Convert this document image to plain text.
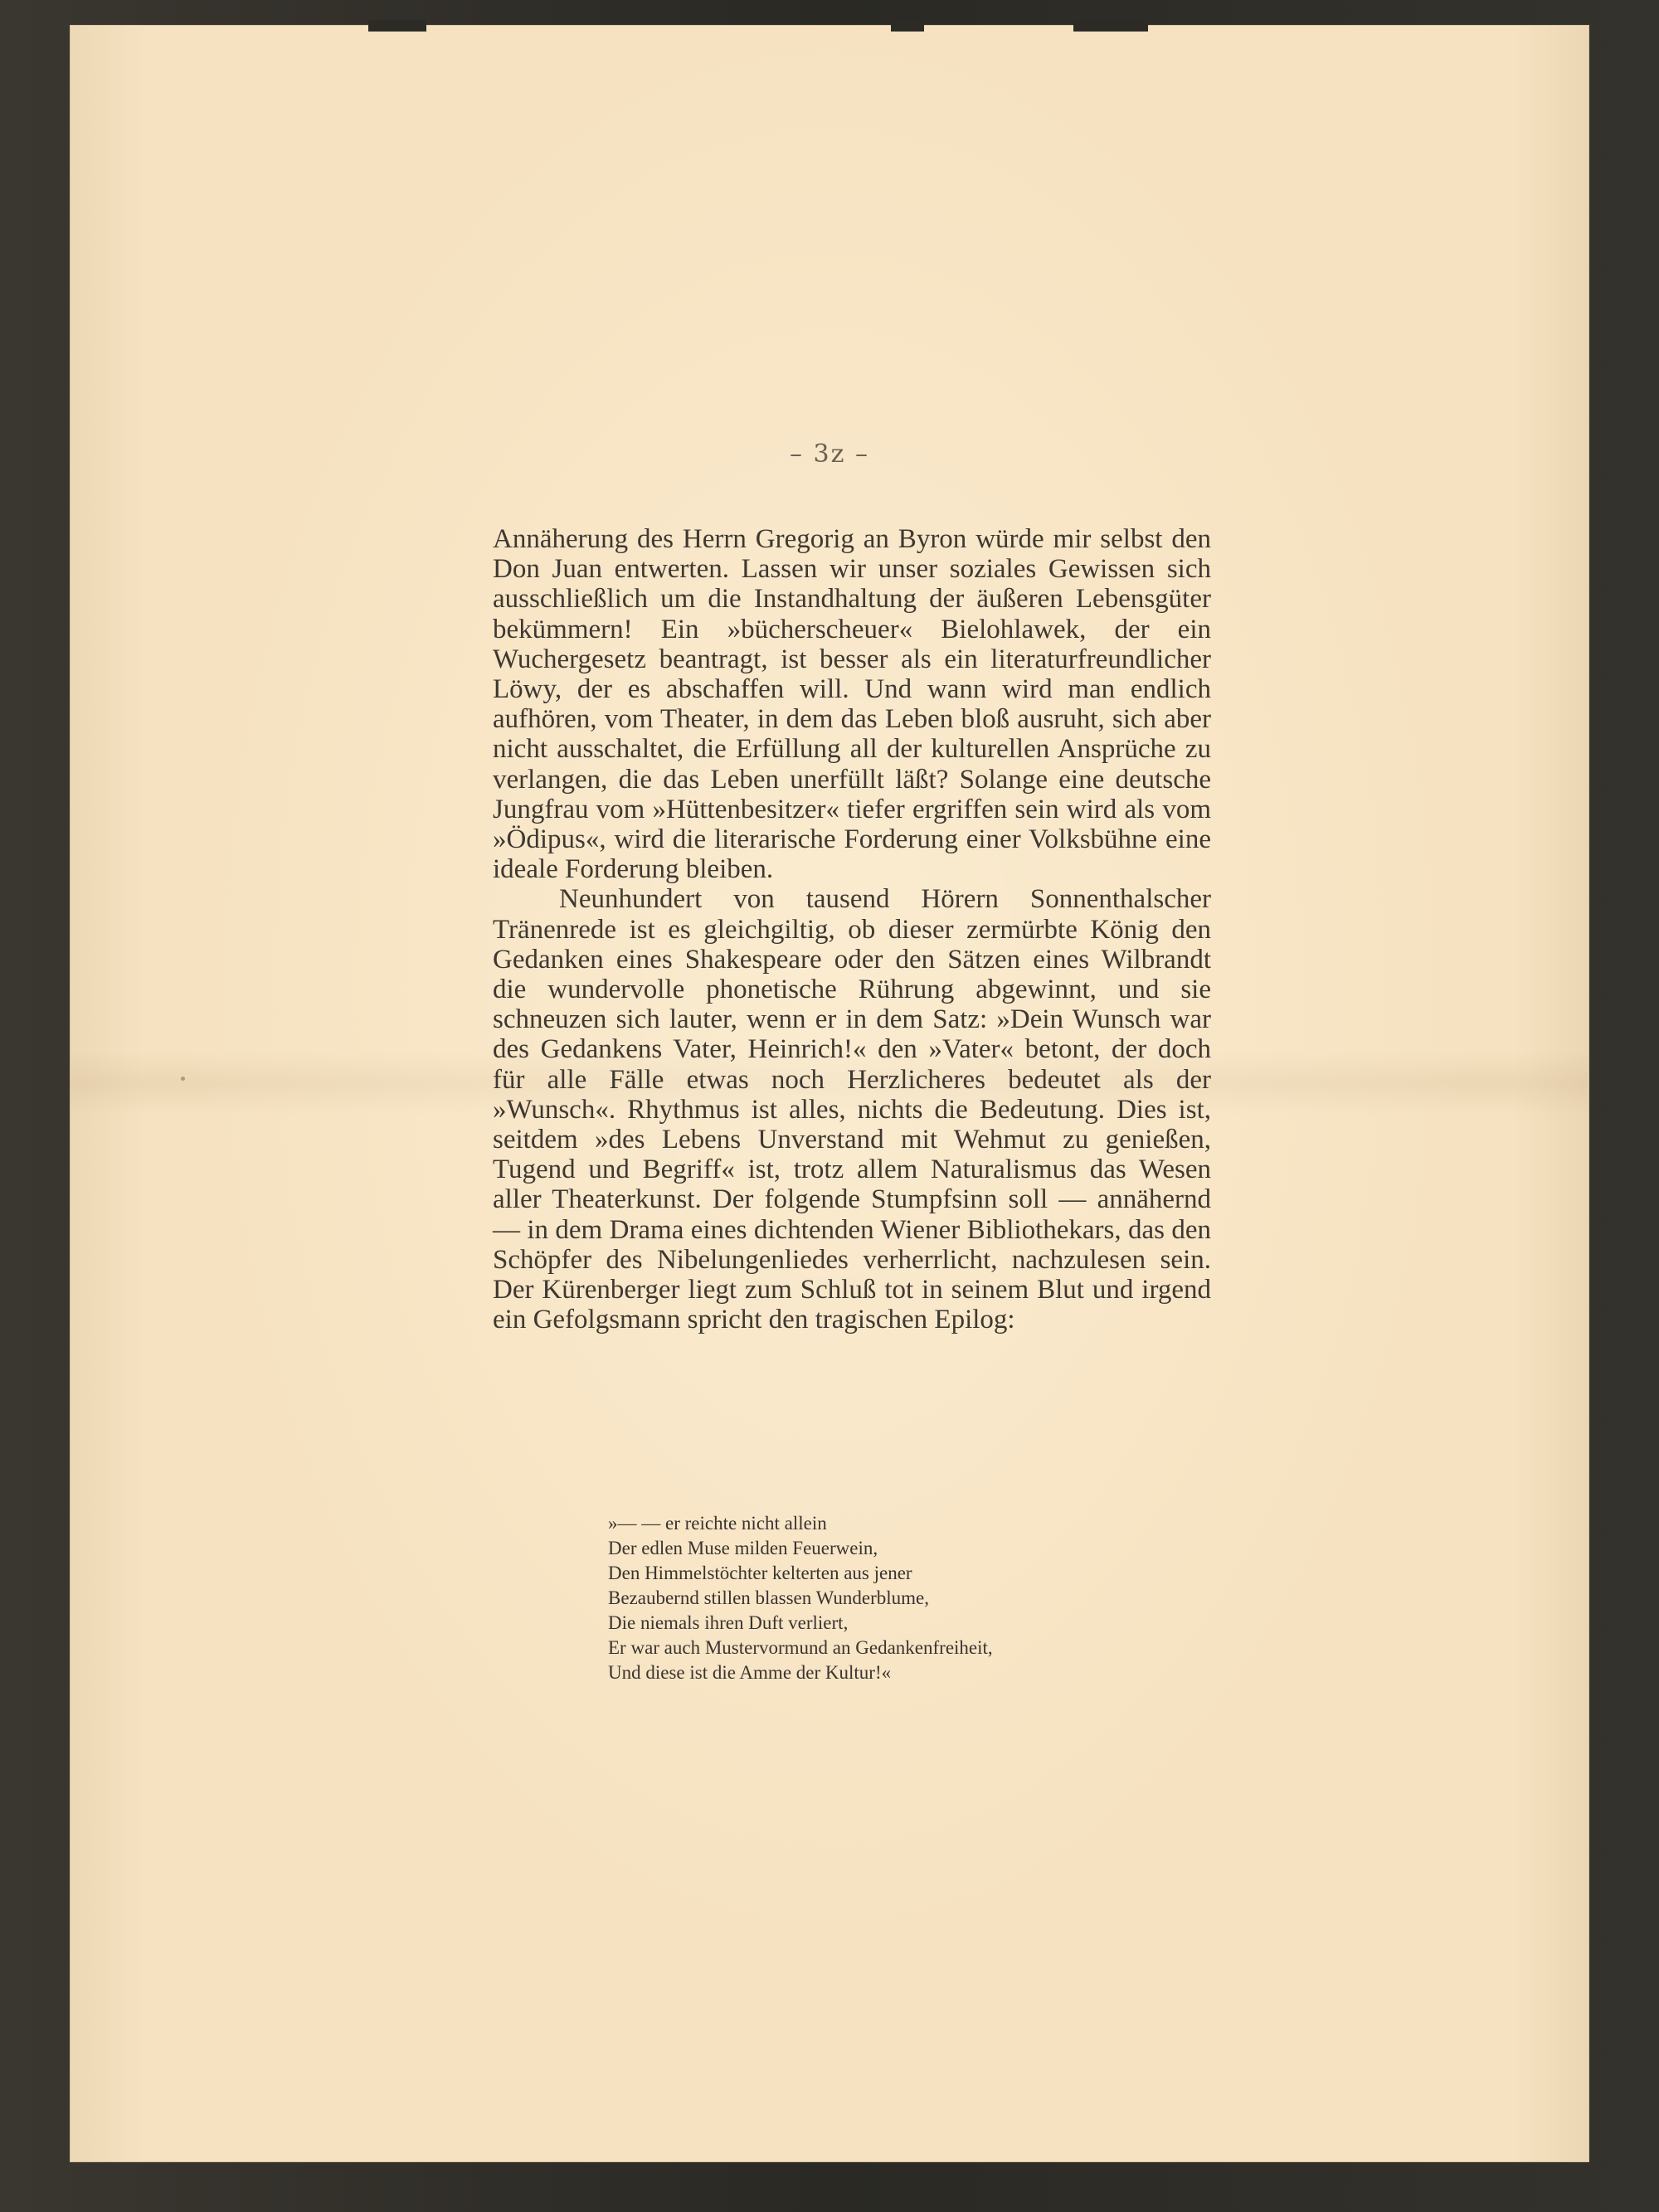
– 3z –

Annäherung des Herrn Gregorig an Byron würde mir selbst den Don Juan entwerten. Lassen wir unser soziales Gewissen sich ausschließlich um die Instandhaltung der äußeren Lebensgüter bekümmern! Ein »bücherscheuer« Bielohlawek, der ein Wuchergesetz beantragt, ist besser als ein literaturfreundlicher Löwy, der es abschaffen will. Und wann wird man endlich aufhören, vom Theater, in dem das Leben bloß ausruht, sich aber nicht ausschaltet, die Erfüllung all der kulturellen Ansprüche zu verlangen, die das Leben unerfüllt läßt? Solange eine deutsche Jungfrau vom »Hüttenbesitzer« tiefer ergriffen sein wird als vom »Ödipus«, wird die literarische Forderung einer Volksbühne eine ideale Forderung bleiben.

Neunhundert von tausend Hörern Sonnenthalscher Tränenrede ist es gleichgiltig, ob dieser zermürbte König den Gedanken eines Shakespeare oder den Sätzen eines Wilbrandt die wundervolle phonetische Rührung abgewinnt, und sie schneuzen sich lauter, wenn er in dem Satz: »Dein Wunsch war des Gedankens Vater, Heinrich!« den »Vater« betont, der doch für alle Fälle etwas noch Herzlicheres bedeutet als der »Wunsch«. Rhythmus ist alles, nichts die Bedeutung. Dies ist, seitdem »des Lebens Unverstand mit Wehmut zu genießen, Tugend und Begriff« ist, trotz allem Naturalismus das Wesen aller Theaterkunst. Der folgende Stumpfsinn soll — annähernd — in dem Drama eines dichtenden Wiener Bibliothekars, das den Schöpfer des Nibelungenliedes verherrlicht, nachzulesen sein. Der Kürenberger liegt zum Schluß tot in seinem Blut und irgend ein Gefolgsmann spricht den tragischen Epilog:

»— — er reichte nicht allein
Der edlen Muse milden Feuerwein,
Den Himmelstöchter kelterten aus jener
Bezaubernd stillen blassen Wunderblume,
Die niemals ihren Duft verliert,
Er war auch Mustervormund an Gedankenfreiheit,
Und diese ist die Amme der Kultur!«
